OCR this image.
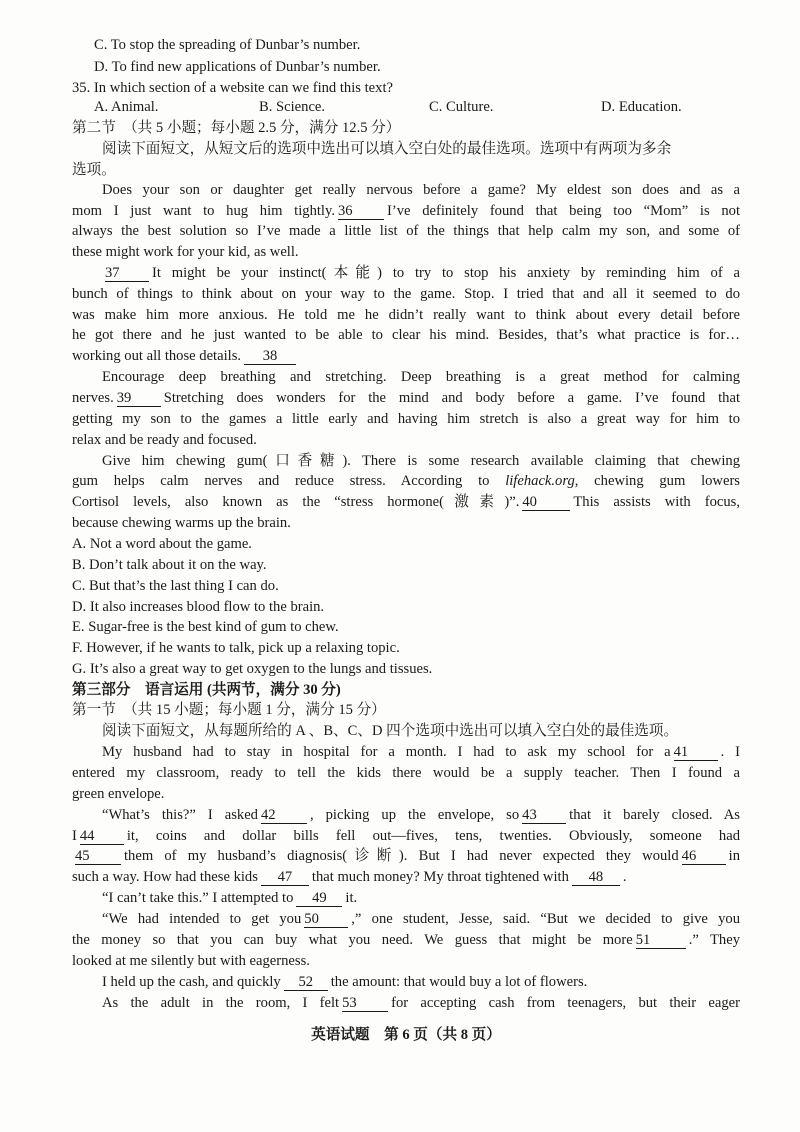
C. To stop the spreading of Dunbar’s number.
D. To find new applications of Dunbar’s number.
35. In which section of a website can we find this text?
A. Animal.	B. Science.	C. Culture.	D. Education.
第二节　（共 5 小题；每小题 2.5 分，满分 12.5 分）
阅读下面短文，从短文后的选项中选出可以填入空白处的最佳选项。选项中有两项为多余
选项。
Does your son or daughter get really nervous before a game? My eldest son does and as a
mom I just want to hug him tightly. 36 I’ve definitely found that being too “Mom” is not
always the best solution so I’ve made a little list of the things that help calm my son, and some of
these might work for your kid, as well.
37 It might be your instinct(本能) to try to stop his anxiety by reminding him of a
bunch of things to think about on your way to the game. Stop. I tried that and all it seemed to do
was make him more anxious. He told me he didn’t really want to think about every detail before
he got there and he just wanted to be able to clear his mind. Besides, that’s what practice is for…
working out all those details. 38
Encourage deep breathing and stretching. Deep breathing is a great method for calming
nerves. 39 Stretching does wonders for the mind and body before a game. I’ve found that
getting my son to the games a little early and having him stretch is also a great way for him to
relax and be ready and focused.
Give him chewing gum(口香糖). There is some research available claiming that chewing
gum helps calm nerves and reduce stress. According to lifehack.org, chewing gum lowers
Cortisol levels, also known as the “stress hormone(激素)”. 40 This assists with focus,
because chewing warms up the brain.
A. Not a word about the game.
B. Don’t talk about it on the way.
C. But that’s the last thing I can do.
D. It also increases blood flow to the brain.
E. Sugar-free is the best kind of gum to chew.
F. However, if he wants to talk, pick up a relaxing topic.
G. It’s also a great way to get oxygen to the lungs and tissues.
第三部分　语言运用 (共两节，满分 30 分)
第一节　（共 15 小题；每小题 1 分，满分 15 分）
阅读下面短文，从每题所给的 A 、B、C、D 四个选项中选出可以填入空白处的最佳选项。
My husband had to stay in hospital for a month. I had to ask my school for a 41 . I
entered my classroom, ready to tell the kids there would be a supply teacher. Then I found a
green envelope.
“What’s this?” I asked 42 , picking up the envelope, so 43 that it barely closed. As
I 44 it, coins and dollar bills fell out—fives, tens, twenties. Obviously, someone had
45 them of my husband’s diagnosis(诊断). But I had never expected they would 46 in
such a way. How had these kids 47 that much money? My throat tightened with 48 .
“I can’t take this.” I attempted to 49 it.
“We had intended to get you 50 ,” one student, Jesse, said. “But we decided to give you
the money so that you can buy what you need. We guess that might be more 51	.” They
looked at me silently but with eagerness.
I held up the cash, and quickly 52 the amount: that would buy a lot of flowers.
As the adult in the room, I felt 53 for accepting cash from teenagers, but their eager
英语试题　第 6 页（共 8 页）
